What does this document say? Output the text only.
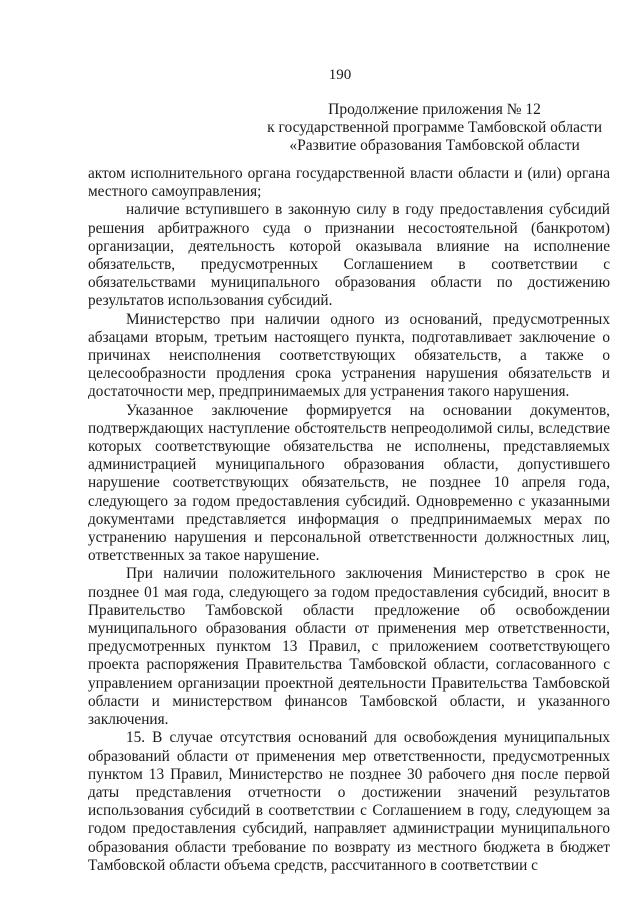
190
Продолжение приложения № 12
к государственной программе Тамбовской области
«Развитие образования Тамбовской области

актом исполнительного органа государственной власти области и (или) органа местного самоуправления;

наличие вступившего в законную силу в году предоставления субсидий решения арбитражного суда о признании несостоятельной (банкротом) организации, деятельность которой оказывала влияние на исполнение обязательств, предусмотренных Соглашением в соответствии с обязательствами муниципального образования области по достижению результатов использования субсидий.

Министерство при наличии одного из оснований, предусмотренных абзацами вторым, третьим настоящего пункта, подготавливает заключение о причинах неисполнения соответствующих обязательств, а также о целесообразности продления срока устранения нарушения обязательств и достаточности мер, предпринимаемых для устранения такого нарушения.

Указанное заключение формируется на основании документов, подтверждающих наступление обстоятельств непреодолимой силы, вследствие которых соответствующие обязательства не исполнены, представляемых администрацией муниципального образования области, допустившего нарушение соответствующих обязательств, не позднее 10 апреля года, следующего за годом предоставления субсидий. Одновременно с указанными документами представляется информация о предпринимаемых мерах по устранению нарушения и персональной ответственности должностных лиц, ответственных за такое нарушение.

При наличии положительного заключения Министерство в срок не позднее 01 мая года, следующего за годом предоставления субсидий, вносит в Правительство Тамбовской области предложение об освобождении муниципального образования области от применения мер ответственности, предусмотренных пунктом 13 Правил, с приложением соответствующего проекта распоряжения Правительства Тамбовской области, согласованного с управлением организации проектной деятельности Правительства Тамбовской области и министерством финансов Тамбовской области, и указанного заключения.

15. В случае отсутствия оснований для освобождения муниципальных образований области от применения мер ответственности, предусмотренных пунктом 13 Правил, Министерство не позднее 30 рабочего дня после первой даты представления отчетности о достижении значений результатов использования субсидий в соответствии с Соглашением в году, следующем за годом предоставления субсидий, направляет администрации муниципального образования области требование по возврату из местного бюджета в бюджет Тамбовской области объема средств, рассчитанного в соответствии с
